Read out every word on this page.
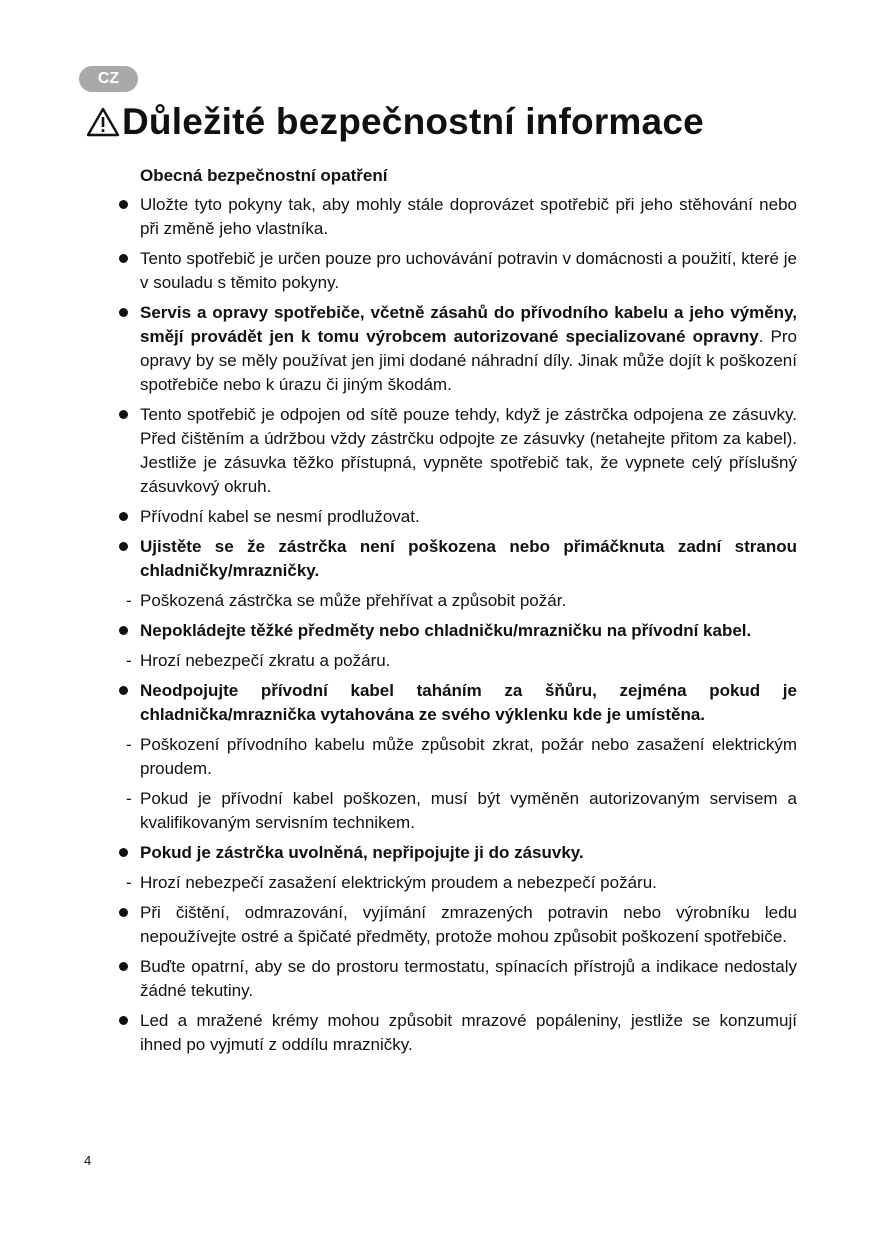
CZ
Důležité bezpečnostní informace
Obecná bezpečnostní opatření
Uložte tyto pokyny tak, aby mohly stále doprovázet spotřebič při jeho stěhování nebo při změně jeho vlastníka.
Tento spotřebič je určen pouze pro uchovávání potravin v domácnosti a použití, které je v souladu s těmito pokyny.
Servis a opravy spotřebiče, včetně zásahů do přívodního kabelu a jeho výměny, smějí provádět jen k tomu výrobcem autorizované specializované opravny. Pro opravy by se měly používat jen jimi dodané náhradní díly. Jinak může dojít k poškození spotřebiče nebo k úrazu či jiným škodám.
Tento spotřebič je odpojen od sítě pouze tehdy, když je zástrčka odpojena ze zásuvky. Před čištěním a údržbou vždy zástrčku odpojte ze zásuvky (netahejte přitom za kabel). Jestliže je zásuvka těžko přístupná, vypněte spotřebič tak, že vypnete celý příslušný zásuvkový okruh.
Přívodní kabel se nesmí prodlužovat.
Ujistěte se že zástrčka není poškozena nebo přimáčknuta zadní stranou chladničky/mrazničky.
- Poškozená zástrčka se může přehřívat a způsobit požár.
Nepokládejte těžké předměty nebo chladničku/mrazničku na přívodní kabel.
- Hrozí nebezpečí zkratu a požáru.
Neodpojujte přívodní kabel taháním za šňůru, zejména pokud je chladnička/mraznička vytahována ze svého výklenku kde je umístěna.
- Poškození přívodního kabelu může způsobit zkrat, požár nebo zasažení elektrickým proudem.
- Pokud je přívodní kabel poškozen, musí být vyměněn autorizovaným servisem a kvalifikovaným servisním technikem.
Pokud je zástrčka uvolněná, nepřipojujte ji do zásuvky.
- Hrozí nebezpečí zasažení elektrickým proudem a nebezpečí požáru.
Při čištění, odmrazování, vyjímání zmrazených potravin nebo výrobníku ledu nepoužívejte ostré a špičaté předměty, protože mohou způsobit poškození spotřebiče.
Buďte opatrní, aby se do prostoru termostatu, spínacích přístrojů a indikace nedostaly žádné tekutiny.
Led a mražené krémy mohou způsobit mrazové popáleniny, jestliže se konzumují ihned po vyjmutí z oddílu mrazničky.
4
